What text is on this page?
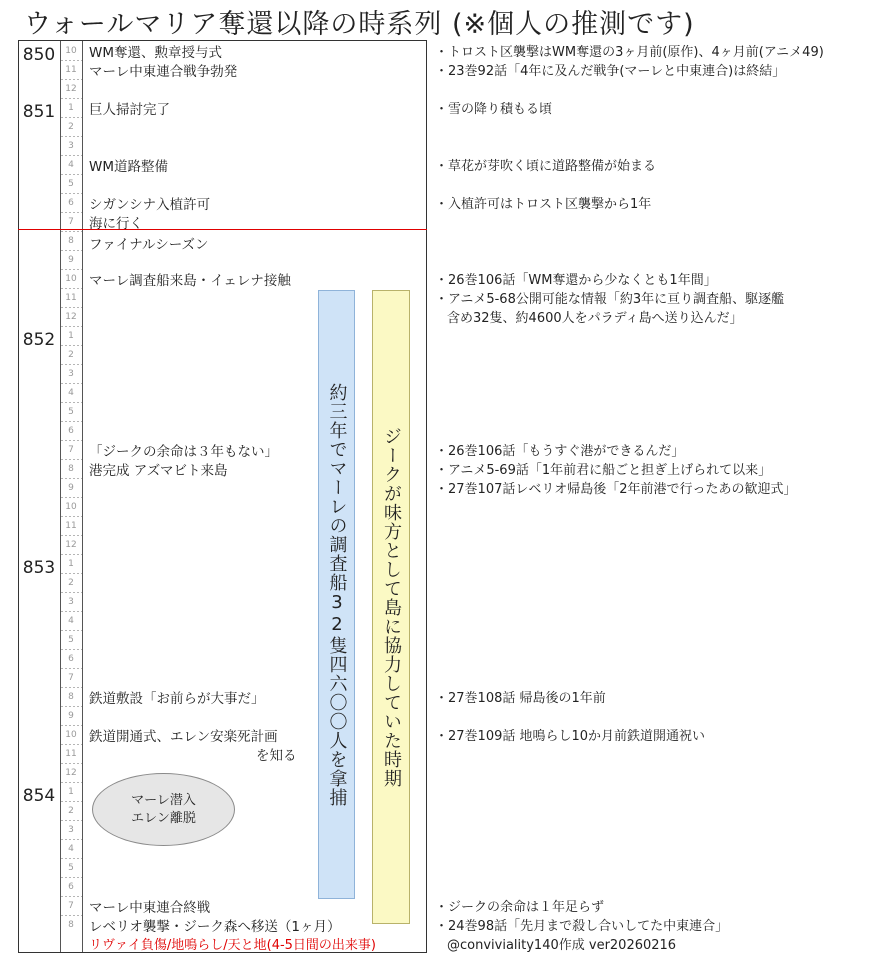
ウォールマリア奪還以降の時系列 (※個人の推測です)
850
851
852
853
854
10
11
12
1
2
3
4
5
6
7
8
9
10
11
12
1
2
3
4
5
6
7
8
9
10
11
12
1
2
3
4
5
6
7
8
9
10
11
12
1
2
3
4
5
6
7
8
WM奪還、勲章授与式
マーレ中東連合戦争勃発
巨人掃討完了
WM道路整備
シガンシナ入植許可
海に行く
ファイナルシーズン
マーレ調査船来島・イェレナ接触
「ジークの余命は３年もない」
港完成 アズマビト来島
鉄道敷設「お前らが大事だ」
鉄道開通式、エレン安楽死計画
を知る
マーレ中東連合終戦
レベリオ襲撃・ジーク森へ移送（1ヶ月）
リヴァイ負傷/地鳴らし/天と地(4-5日間の出来事)
マーレ潜入
エレン離脱
約三年でマーレの調査船32隻四六〇〇人を拿捕 ジークが味方として島に協力していた時期
・トロスト区襲撃はWM奪還の3ヶ月前(原作)、4ヶ月前(アニメ49)
・23巻92話「4年に及んだ戦争(マーレと中東連合)は終結」
・雪の降り積もる頃
・草花が芽吹く頃に道路整備が始まる
・入植許可はトロスト区襲撃から1年
・26巻106話「WM奪還から少なくとも1年間」
・アニメ5-68公開可能な情報「約3年に亘り調査船、駆逐艦
含め32隻、約4600人をパラディ島へ送り込んだ」
・26巻106話「もうすぐ港ができるんだ」
・アニメ5-69話「1年前君に船ごと担ぎ上げられて以来」
・27巻107話レベリオ帰島後「2年前港で行ったあの歓迎式」
・27巻108話 帰島後の1年前
・27巻109話 地鳴らし10か月前鉄道開通祝い
・ジークの余命は１年足らず
・24巻98話「先月まで殺し合いしてた中東連合」
@conviviality140作成 ver20260216
